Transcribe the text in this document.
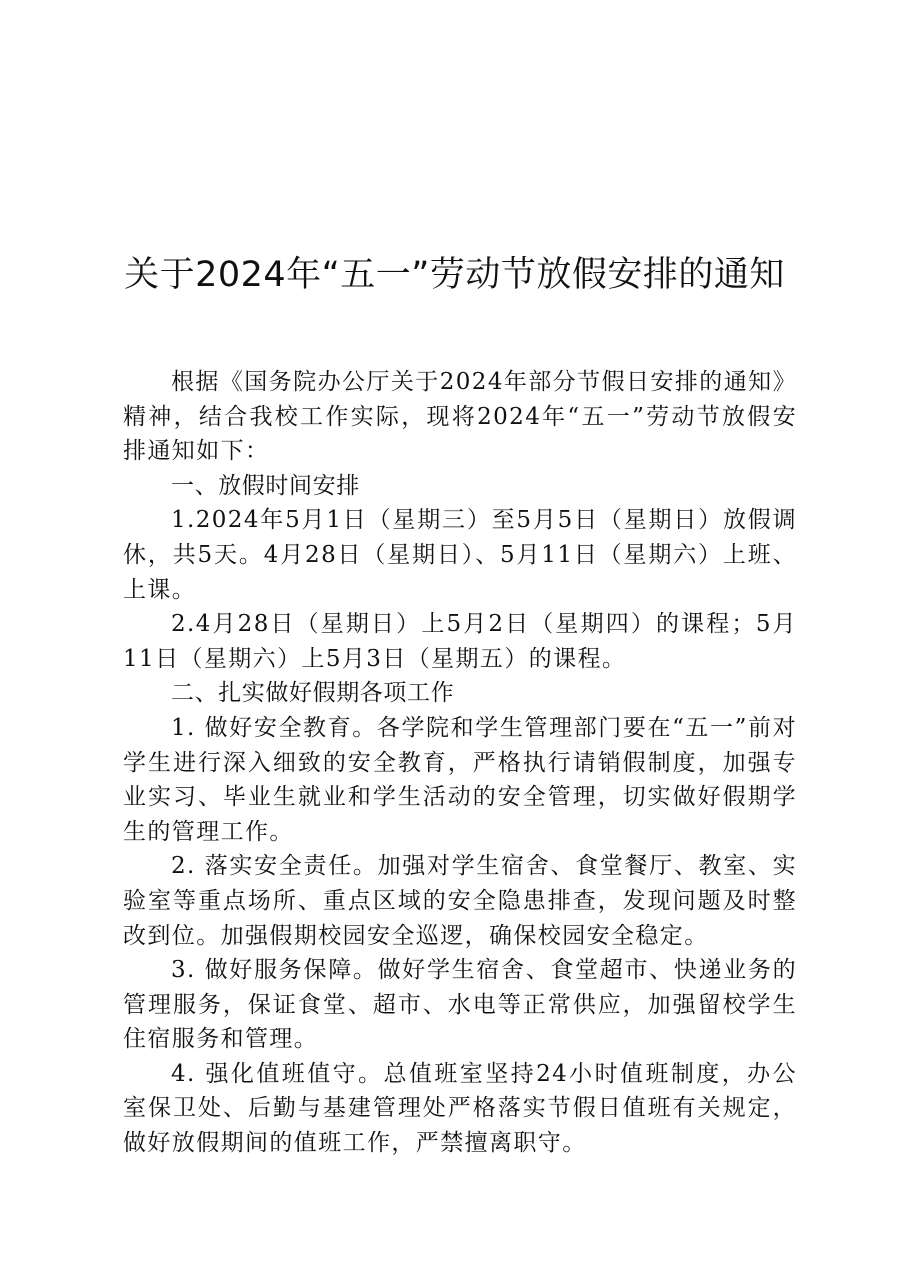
关于2024年“五一”劳动节放假安排的通知

根据《国务院办公厅关于2024年部分节假日安排的通知》精神，结合我校工作实际，现将2024年“五一”劳动节放假安排通知如下：

一、放假时间安排

1.2024年5月1日（星期三）至5月5日（星期日）放假调休，共5天。4月28日（星期日）、5月11日（星期六）上班、上课。

2.4月28日（星期日）上5月2日（星期四）的课程；5月11日（星期六）上5月3日（星期五）的课程。

二、扎实做好假期各项工作

1. 做好安全教育。各学院和学生管理部门要在“五一”前对学生进行深入细致的安全教育，严格执行请销假制度，加强专业实习、毕业生就业和学生活动的安全管理，切实做好假期学生的管理工作。

2. 落实安全责任。加强对学生宿舍、食堂餐厅、教室、实验室等重点场所、重点区域的安全隐患排查，发现问题及时整改到位。加强假期校园安全巡逻，确保校园安全稳定。

3. 做好服务保障。做好学生宿舍、食堂超市、快递业务的管理服务，保证食堂、超市、水电等正常供应，加强留校学生住宿服务和管理。

4. 强化值班值守。总值班室坚持24小时值班制度，办公室保卫处、后勤与基建管理处严格落实节假日值班有关规定，做好放假期间的值班工作，严禁擅离职守。
